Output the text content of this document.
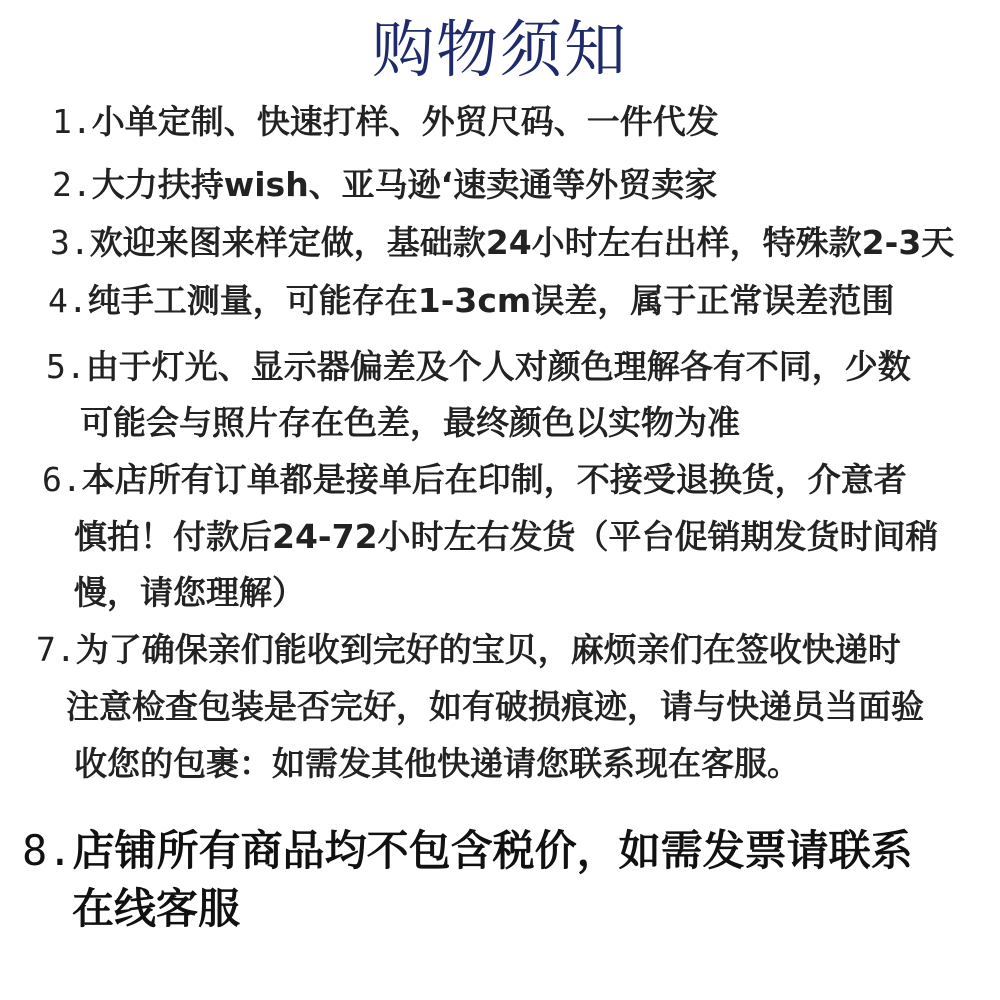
购物须知
1.小单定制、快速打样、外贸尺码、一件代发
2.大力扶持wish、亚马逊‘速卖通等外贸卖家
3.欢迎来图来样定做，基础款24小时左右出样，特殊款2-3天
4.纯手工测量，可能存在1-3cm误差，属于正常误差范围
5.由于灯光、显示器偏差及个人对颜色理解各有不同，少数
可能会与照片存在色差，最终颜色以实物为准
6.本店所有订单都是接单后在印制，不接受退换货，介意者
慎拍！付款后24-72小时左右发货（平台促销期发货时间稍
慢，请您理解）
7.为了确保亲们能收到完好的宝贝，麻烦亲们在签收快递时
注意检查包装是否完好，如有破损痕迹，请与快递员当面验
收您的包裹：如需发其他快递请您联系现在客服。
8.店铺所有商品均不包含税价，如需发票请联系
在线客服
